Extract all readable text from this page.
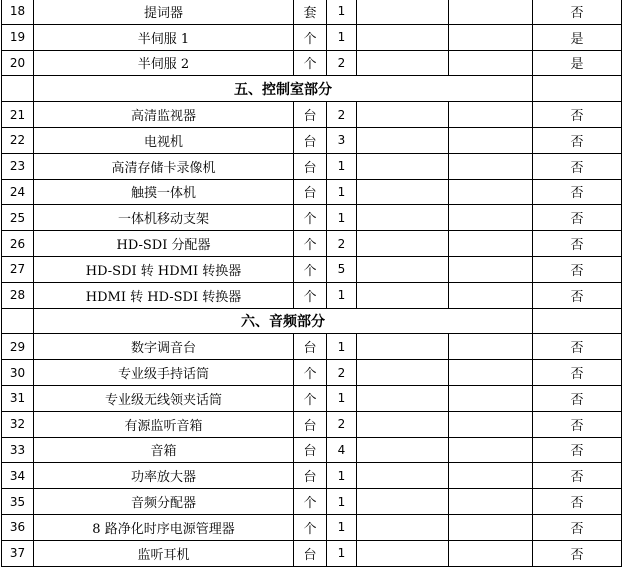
18	提词器	套	1			否
19	半伺服 1	个	1			是
20	半伺服 2	个	2			是
	五、控制室部分					
21	高清监视器	台	2			否
22	电视机	台	3			否
23	高清存储卡录像机	台	1			否
24	触摸一体机	台	1			否
25	一体机移动支架	个	1			否
26	HD-SDI 分配器	个	2			否
27	HD-SDI 转 HDMI 转换器	个	5			否
28	HDMI 转 HD-SDI 转换器	个	1			否
	六、音频部分					
29	数字调音台	台	1			否
30	专业级手持话筒	个	2			否
31	专业级无线领夹话筒	个	1			否
32	有源监听音箱	台	2			否
33	音箱	台	4			否
34	功率放大器	台	1			否
35	音频分配器	个	1			否
36	8 路净化时序电源管理器	个	1			否
37	监听耳机	台	1			否
